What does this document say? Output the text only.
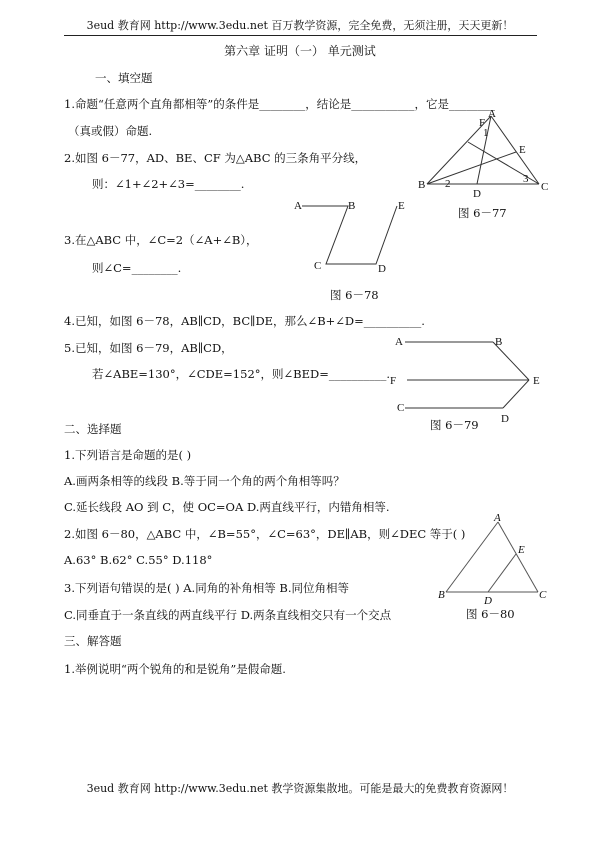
3eud 教育网 http://www.3edu.net 百万教学资源，完全免费，无须注册，天天更新！
第六章 证明（一） 单元测试
一、填空题
1.命题“任意两个直角都相等”的条件是________，结论是___________，它是________
（真或假）命题.
2.如图 6－77，AD、BE、CF 为△ABC 的三条角平分线，
则：∠1+∠2+∠3=________.
3.在△ABC 中，∠C=2（∠A+∠B），
则∠C=________.
4.已知，如图 6－78，AB∥CD，BC∥DE，那么∠B+∠D=__________.
5.已知，如图 6－79，AB∥CD，
若∠ABE=130°，∠CDE=152°，则∠BED=__________.
二、选择题
1.下列语言是命题的是( )
A.画两条相等的线段 B.等于同一个角的两个角相等吗？
C.延长线段 AO 到 C，使 OC=OA D.两直线平行，内错角相等.
2.如图 6－80，△ABC 中，∠B=55°，∠C=63°，DE∥AB，则∠DEC 等于( )
A.63° B.62° C.55° D.118°
3.下列语句错误的是( ) A.同角的补角相等 B.同位角相等
C.同垂直于一条直线的两直线平行 D.两条直线相交只有一个交点
三、解答题
1.举例说明“两个锐角的和是锐角”是假命题.
3eud 教育网 http://www.3edu.net 教学资源集散地。可能是最大的免费教育资源网！
A
B	C
D
E
F
1
2	3
图 6－77
A	B
C	D
E
图 6－78
A	B
C
D
E
F
图 6－79
A
B	C
D
E
图 6－80
